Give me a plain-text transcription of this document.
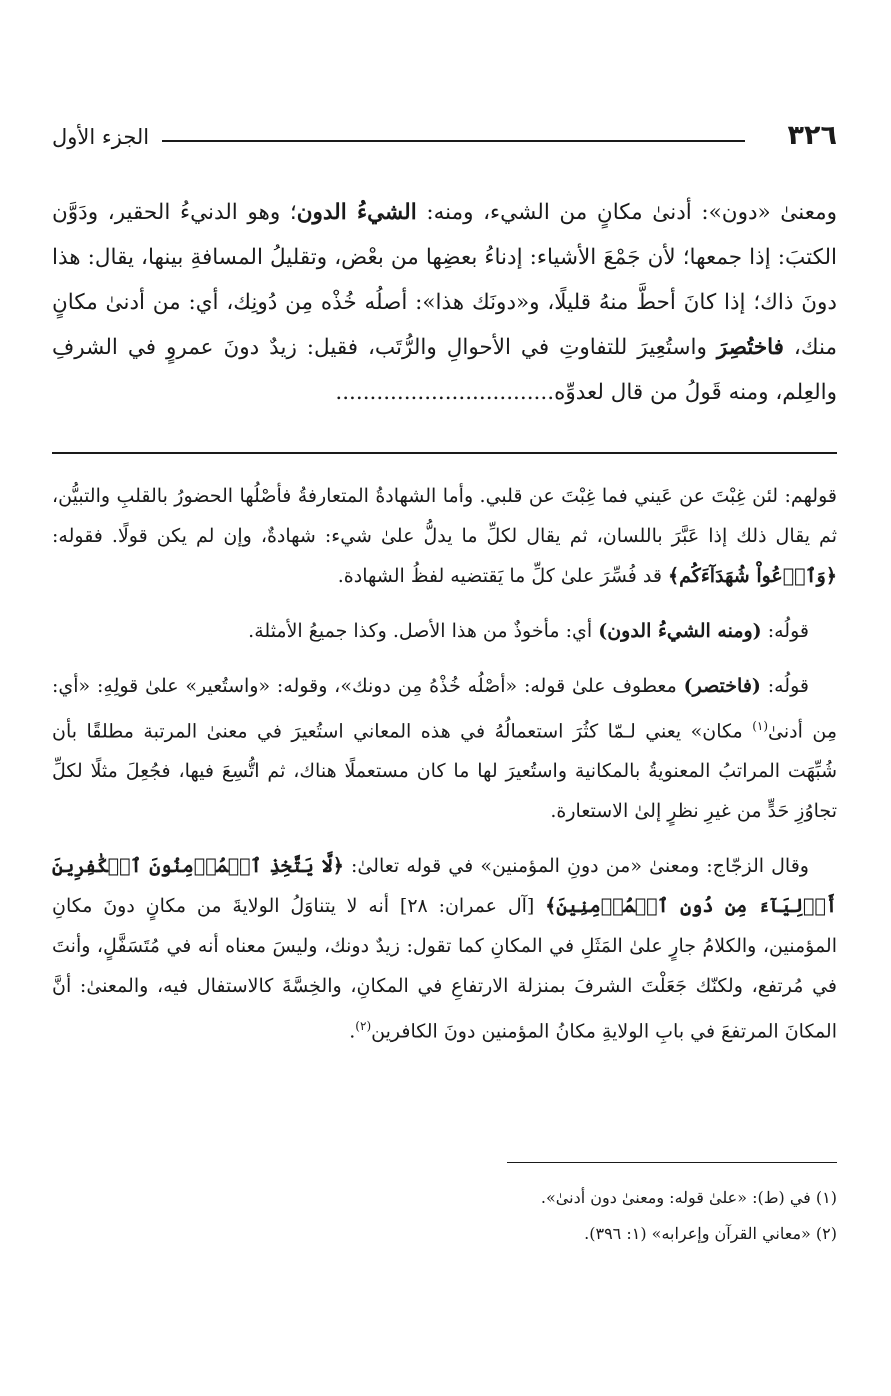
٣٢٦
الجزء الأول

ومعنىٰ «دون»: أدنىٰ مكانٍ من الشيء، ومنه: الشيءُ الدون؛ وهو الدنيءُ الحقير، ودَوَّن الكتبَ: إذا جمعها؛ لأن جَمْعَ الأشياء: إدناءُ بعضِها من بعْض، وتقليلُ المسافةِ بينها، يقال: هذا دونَ ذاك؛ إذا كانَ أحطَّ منهُ قليلًا، و«دونَك هذا»: أصلُه خُذْه مِن دُونِك، أي: من أدنىٰ مكانٍ منك، فاختُصِرَ واستُعِيرَ للتفاوتِ في الأحوالِ والرُّتَب، فقيل: زيدٌ دونَ عمروٍ في الشرفِ والعِلم، ومنه قَولُ من قال لعدوِّه................................

قولهم: لئن غِبْتَ عن عَيني فما غِبْتَ عن قلبي. وأما الشهادةُ المتعارفةُ فأصْلُها الحضورُ بالقلبِ والتبيُّن، ثم يقال ذلك إذا عَبَّرَ باللسان، ثم يقال لكلِّ ما يدلُّ علىٰ شيء: شهادةٌ، وإن لم يكن قولًا. فقوله: ﴿وَٱدۡعُواْ شُهَدَآءَكُم﴾ قد فُسِّرَ علىٰ كلِّ ما يَقتضيه لفظُ الشهادة.

قولُه: (ومنه الشيءُ الدون) أي: مأخوذٌ من هذا الأصل. وكذا جميعُ الأمثلة.

قولُه: (فاختصر) معطوف علىٰ قوله: «أصْلُه خُذْهُ مِن دونك»، وقوله: «واستُعير» علىٰ قولِهِ: «أي: مِن أدنىٰ$^{(١)}$ مكان» يعني لـمّا كثُرَ استعمالُهُ في هذه المعاني استُعيرَ في معنىٰ المرتبة مطلقًا بأن شُبِّهَت المراتبُ المعنويةُ بالمكانية واستُعيرَ لها ما كان مستعملًا هناك، ثم اتُّسِعَ فيها، فجُعِلَ مثلًا لكلِّ تجاوُزِ حَدٍّ من غيرِ نظرٍ إلىٰ الاستعارة.

وقال الزجّاج: ومعنىٰ «من دونِ المؤمنين» في قوله تعالىٰ: ﴿لَّا يَتَّخِذِ ٱلۡمُؤۡمِنُونَ ٱلۡكَٰفِرِينَ أَوۡلِيَآءَ مِن دُونِ ٱلۡمُؤۡمِنِينَ﴾ [آل عمران: ٢٨] أنه لا يتناوَلُ الولايةَ من مكانٍ دونَ مكانِ المؤمنين، والكلامُ جارٍ علىٰ المَثَلِ في المكانِ كما تقول: زيدٌ دونك، وليسَ معناه أنه في مُتَسَفَّلٍ، وأنتَ في مُرتفع، ولكنّك جَعَلْتَ الشرفَ بمنزلة الارتفاعِ في المكانِ، والخِسَّةَ كالاستفال فيه، والمعنىٰ: أنَّ المكانَ المرتفعَ في بابِ الولايةِ مكانُ المؤمنين دونَ الكافرين$^{(٢)}$.

(١) في (ط): «علىٰ قوله: ومعنىٰ دون أدنىٰ».

(٢) «معاني القرآن وإعرابه» (١: ٣٩٦).
